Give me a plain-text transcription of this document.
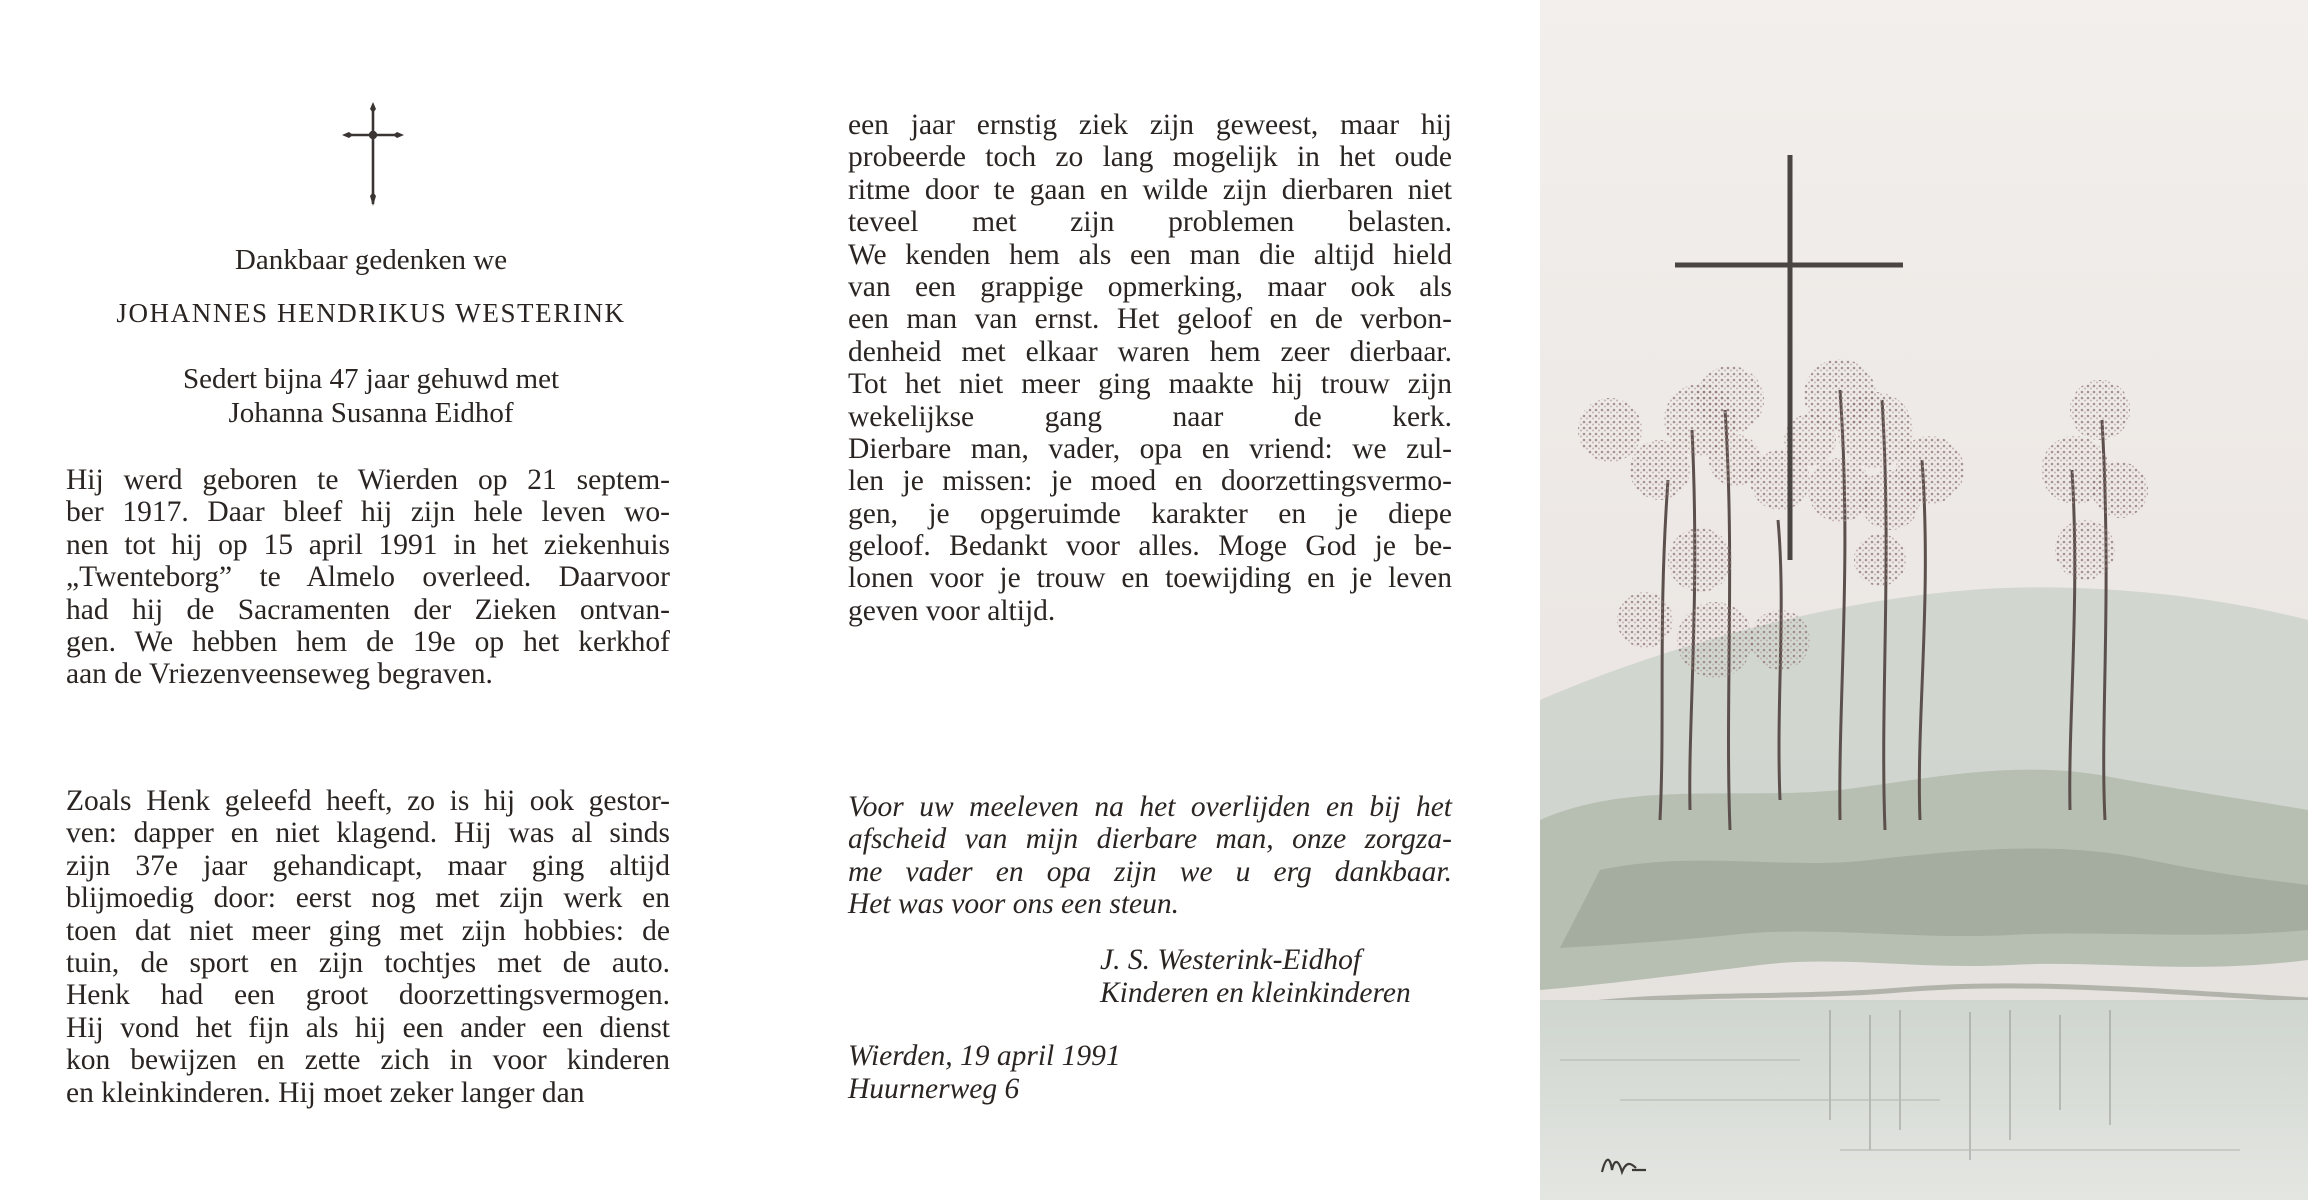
Dankbaar gedenken we
JOHANNES HENDRIKUS WESTERINK
Sedert bijna 47 jaar gehuwd met
Johanna Susanna Eidhof
Hij werd geboren te Wierden op 21 septem-
ber 1917. Daar bleef hij zijn hele leven wo-
nen tot hij op 15 april 1991 in het ziekenhuis
„Twenteborg” te Almelo overleed. Daarvoor
had hij de Sacramenten der Zieken ontvan-
gen. We hebben hem de 19e op het kerkhof
aan de Vriezenveenseweg begraven.
Zoals Henk geleefd heeft, zo is hij ook gestor-
ven: dapper en niet klagend. Hij was al sinds
zijn 37e jaar gehandicapt, maar ging altijd
blijmoedig door: eerst nog met zijn werk en
toen dat niet meer ging met zijn hobbies: de
tuin, de sport en zijn tochtjes met de auto.
Henk had een groot doorzettingsvermogen.
Hij vond het fijn als hij een ander een dienst
kon bewijzen en zette zich in voor kinderen
en kleinkinderen. Hij moet zeker langer dan
een jaar ernstig ziek zijn geweest, maar hij
probeerde toch zo lang mogelijk in het oude
ritme door te gaan en wilde zijn dierbaren niet
teveel met zijn problemen belasten.
We kenden hem als een man die altijd hield
van een grappige opmerking, maar ook als
een man van ernst. Het geloof en de verbon-
denheid met elkaar waren hem zeer dierbaar.
Tot het niet meer ging maakte hij trouw zijn
wekelijkse gang naar de kerk.
Dierbare man, vader, opa en vriend: we zul-
len je missen: je moed en doorzettingsvermo-
gen, je opgeruimde karakter en je diepe
geloof. Bedankt voor alles. Moge God je be-
lonen voor je trouw en toewijding en je leven
geven voor altijd.
Voor uw meeleven na het overlijden en bij het
afscheid van mijn dierbare man, onze zorgza-
me vader en opa zijn we u erg dankbaar.
Het was voor ons een steun.
J. S. Westerink-Eidhof
Kinderen en kleinkinderen
Wierden, 19 april 1991
Huurnerweg 6
